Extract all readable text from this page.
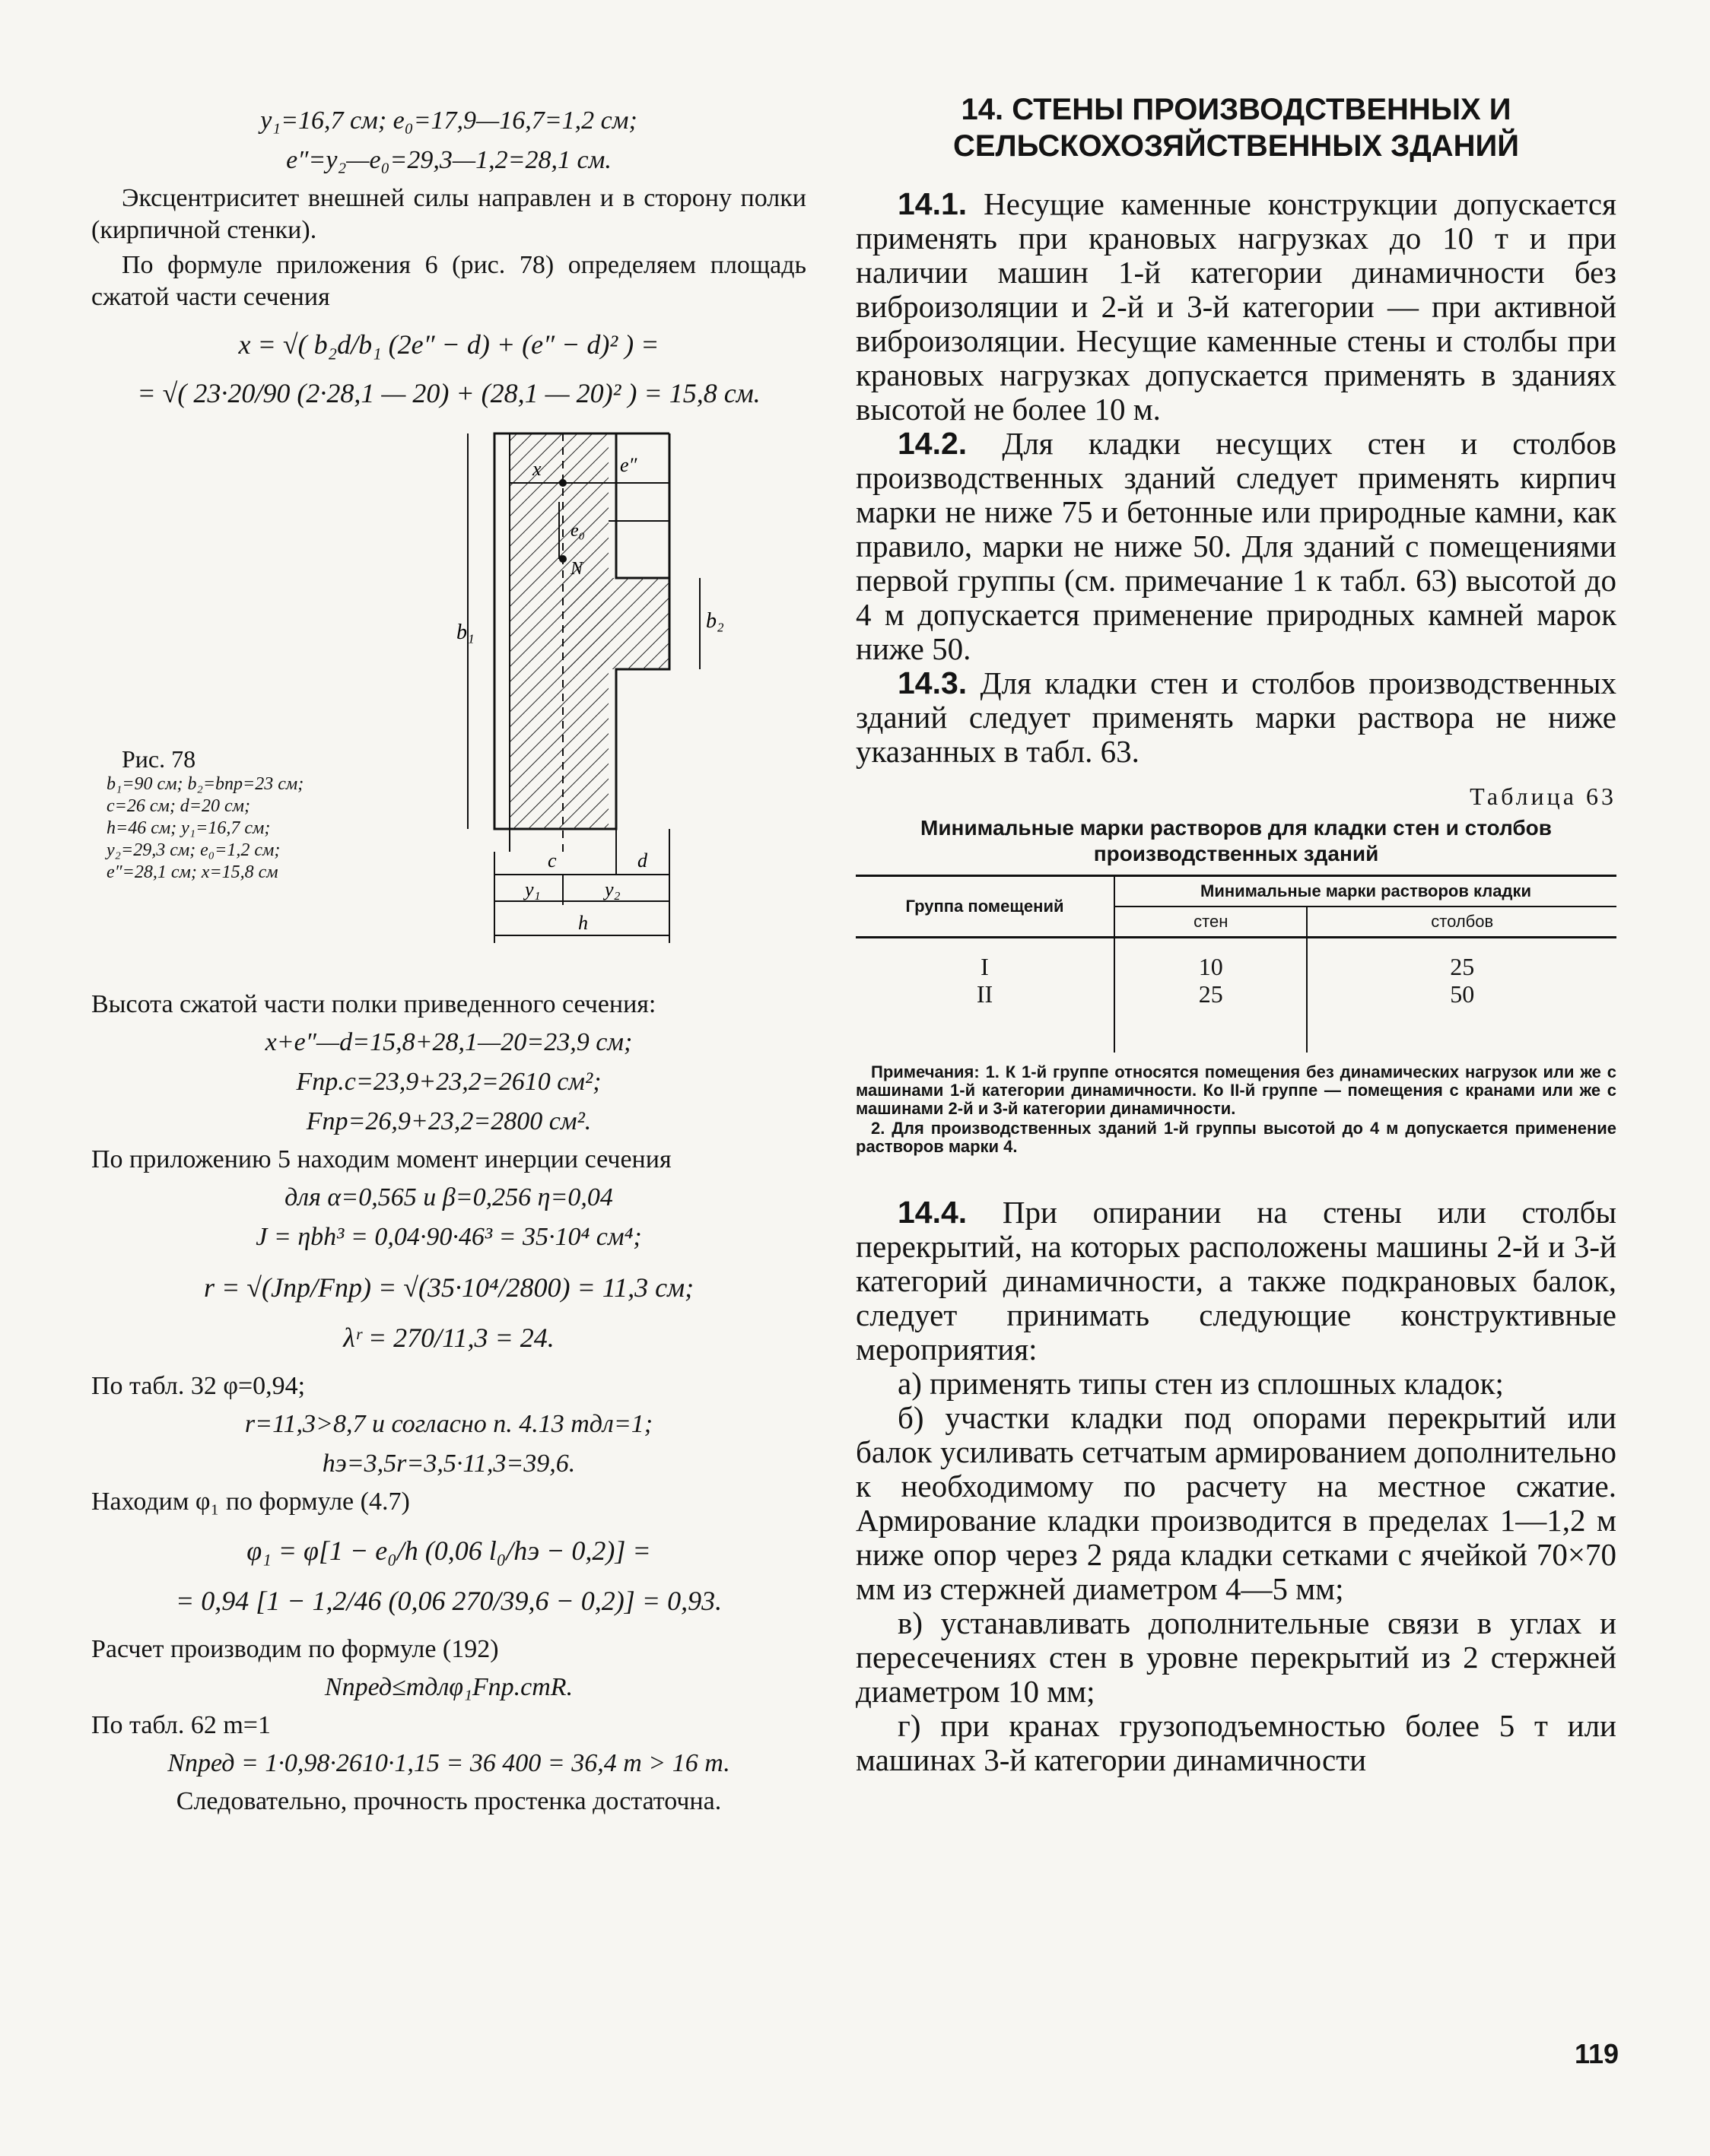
y₁=16,7 см; e₀=17,9—16,7=1,2 см;
e″=y₂—e₀=29,3—1,2=28,1 см.

Эксцентриситет внешней силы направлен и в сторону полки (кирпичной стенки).

По формуле приложения 6 (рис. 78) определяем площадь сжатой части сечения

x = √( b₂d/b₁ (2e″ − d) + (e″ − d)² ) =
= √( 23·20/90 (2·28,1 — 20) + (28,1 — 20)² ) = 15,8 см.

Рис. 78

b₁=90 см; b₂=bпр=23 см;

c=26 см; d=20 см;

h=46 см; y₁=16,7 см;

y₂=29,3 см; e₀=1,2 см;

e″=28,1 см; x=15,8 см

x	e″
e₀
N
b₁	b₂
c	d
y₁	y₂
h

Высота сжатой части полки приведенного сечения:

x+e″—d=15,8+28,1—20=23,9 см;
Fпр.с=23,9+23,2=2610 см²;
Fпр=26,9+23,2=2800 см².

По приложению 5 находим момент инерции сечения

для α=0,565 и β=0,256 η=0,04
J = ηbh³ = 0,04·90·46³ = 35·10⁴ см⁴;
r = √(Jпр/Fпр) = √(35·10⁴/2800) = 11,3 см;
λʳ = 270/11,3 = 24.

По табл. 32 φ=0,94;

r=11,3>8,7 и согласно п. 4.13 mдл=1;
hэ=3,5r=3,5·11,3=39,6.

Находим φ₁ по формуле (4.7)

φ₁ = φ[1 − e₀/h (0,06 l₀/hэ − 0,2)] =
= 0,94 [1 − 1,2/46 (0,06 270/39,6 − 0,2)] = 0,93.

Расчет производим по формуле (192)

Nпред≤mдлφ₁Fпр.сmR.

По табл. 62 m=1

Nпред = 1·0,98·2610·1,15 = 36 400 = 36,4 т > 16 т.

Следовательно, прочность простенка достаточна.

14. СТЕНЫ ПРОИЗВОДСТВЕННЫХ И СЕЛЬСКОХОЗЯЙСТВЕННЫХ ЗДАНИЙ

14.1. Несущие каменные конструкции допускается применять при крановых нагрузках до 10 т и при наличии машин 1-й категории динамичности без виброизоляции и 2-й и 3-й категории — при активной виброизоляции. Несущие каменные стены и столбы при крановых нагрузках допускается применять в зданиях высотой не более 10 м.

14.2. Для кладки несущих стен и столбов производственных зданий следует применять кирпич марки не ниже 75 и бетонные или природные камни, как правило, марки не ниже 50. Для зданий с помещениями первой группы (см. примечание 1 к табл. 63) высотой до 4 м допускается применение природных камней марок ниже 50.

14.3. Для кладки стен и столбов производственных зданий следует применять марки раствора не ниже указанных в табл. 63.

Таблица 63
Минимальные марки растворов для кладки стен и столбов производственных зданий
Группа помещений	Минимальные марки растворов кладки	
	стен	столбов
I	10	25
II	25	50

Примечания: 1. К 1-й группе относятся помещения без динамических нагрузок или же с машинами 1-й категории динамичности. Ко II-й группе — помещения с кранами или же с машинами 2-й и 3-й категории динамичности.

2. Для производственных зданий 1-й группы высотой до 4 м допускается применение растворов марки 4.

14.4. При опирании на стены или столбы перекрытий, на которых расположены машины 2-й и 3-й категорий динамичности, а также подкрановых балок, следует принимать следующие конструктивные мероприятия:

а) применять типы стен из сплошных кладок;

б) участки кладки под опорами перекрытий или балок усиливать сетчатым армированием дополнительно к необходимому по расчету на местное сжатие. Армирование кладки производится в пределах 1—1,2 м ниже опор через 2 ряда кладки сетками с ячейкой 70×70 мм из стержней диаметром 4—5 мм;

в) устанавливать дополнительные связи в углах и пересечениях стен в уровне перекрытий из 2 стержней диаметром 10 мм;

г) при кранах грузоподъемностью более 5 т или машинах 3-й категории динамичности

119
